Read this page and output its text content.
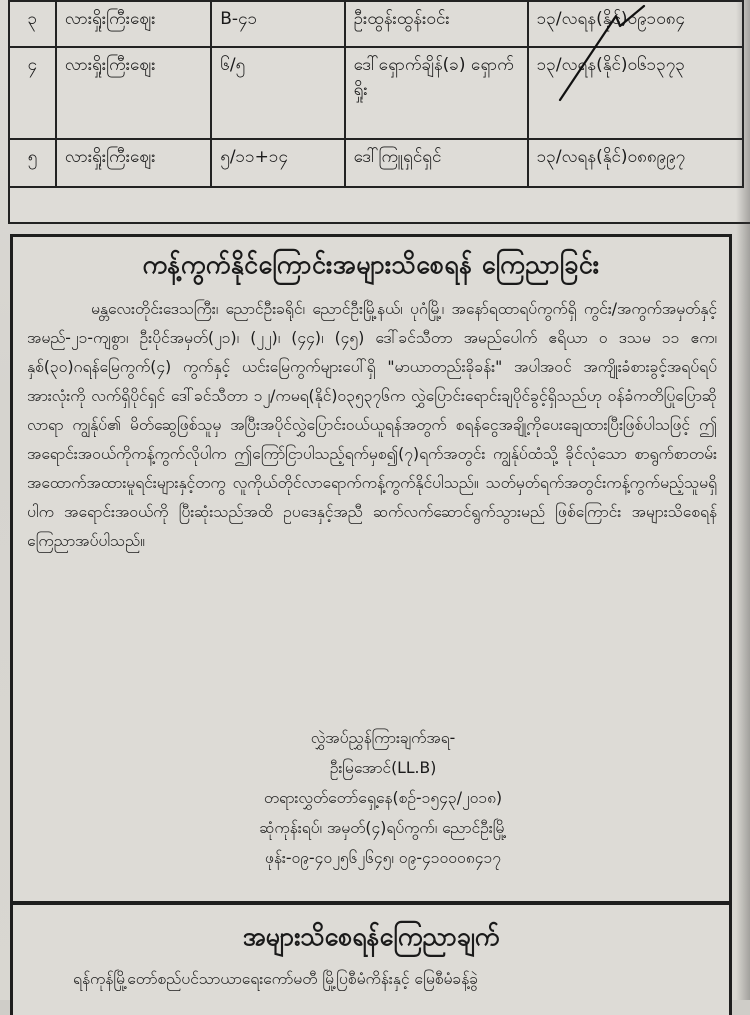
၃	လားရှိုးကြီးဈေး	B-၄၁	ဦးထွန်းထွန်းဝင်း	၁၃/လရန(နိုင်)၀၉၁၀၈၄
၄	လားရှိုးကြီးဈေး	၆/၅	ဒေါ်ရှောက်ချိန်(ခ) ရှောက်ရှိုး	၁၃/လရန(နိုင်)၀၆၁၃၇၃
၅	လားရှိုးကြီးဈေး	၅/၁၁+၁၄	ဒေါ်ကြူရှင်ရှင်	၁၃/လရန(နိုင်)၀၈၈၉၉၇
ကန့်ကွက်နိုင်ကြောင်းအများသိစေရန် ကြေညာခြင်း

မန္တလေးတိုင်းဒေသကြီး၊ ညောင်ဦးခရိုင်၊ ညောင်ဦးမြို့နယ်၊ ပုဂံမြို့၊ အနော်ရထာရပ်ကွက်ရှိ ကွင်း/အကွက်အမှတ်နှင့်အမည်-၂၁-ကျစွာ၊ ဦးပိုင်အမှတ်(၂၁)၊ (၂၂)၊ (၄၄)၊ (၄၅) ဒေါ်ခင်သီတာ အမည်ပေါက် ဧရိယာ ၀ ဒသမ ၁၁ ဧက၊ နှစ်(၃၀)ဂရန်မြေကွက်(၄) ကွက်နှင့် ယင်းမြေကွက်များပေါ်ရှိ "မာယာတည်းခိုခန်း" အပါအဝင် အကျိုးခံစားခွင့်အရပ်ရပ်အားလုံးကို လက်ရှိပိုင်ရှင် ဒေါ်ခင်သီတာ ၁၂/ကမရ(နိုင်)၀၃၅၃၇၆က လွှဲပြောင်းရောင်းချပိုင်ခွင့်ရှိသည်ဟု ဝန်ခံကတိပြုပြောဆိုလာရာ ကျွန်ုပ်၏ မိတ်ဆွေဖြစ်သူမှ အပြီးအပိုင်လွှဲပြောင်းဝယ်ယူရန်အတွက် စရန်ငွေအချို့ကိုပေးချေထားပြီးဖြစ်ပါသဖြင့် ဤအရောင်းအဝယ်ကိုကန့်ကွက်လိုပါက ဤကြော်ငြာပါသည့်ရက်မှစ၍(၇)ရက်အတွင်း ကျွန်ုပ်ထံသို့ ခိုင်လုံသော စာရွက်စာတမ်းအထောက်အထားမူရင်းများနှင့်တကွ လူကိုယ်တိုင်လာရောက်ကန့်ကွက်နိုင်ပါသည်။ သတ်မှတ်ရက်အတွင်းကန့်ကွက်မည့်သူမရှိပါက အရောင်းအဝယ်ကို ပြီးဆုံးသည်အထိ ဥပဒေနှင့်အညီ ဆက်လက်ဆောင်ရွက်သွားမည် ဖြစ်ကြောင်း အများသိစေရန် ကြေညာအပ်ပါသည်။

လွှဲအပ်ညွှန်ကြားချက်အရ-
ဦးမြအောင်(LL.B)
တရားလွှတ်တော်ရှေ့နေ(စဉ်-၁၅၄၃/၂၀၁၈)
ဆုံကုန်းရပ်၊ အမှတ်(၄)ရပ်ကွက်၊ ညောင်ဦးမြို့
ဖုန်း-၀၉-၄၀၂၅၆၂၆၄၅၊ ၀၉-၄၁၀၀၀၈၄၁၇
အများသိစေရန်ကြေညာချက်
ရန်ကုန်မြို့တော်စည်ပင်သာယာရေးကော်မတီ မြို့ပြစီမံကိန်းနှင့် မြေစီမံခန့်ခွဲ
